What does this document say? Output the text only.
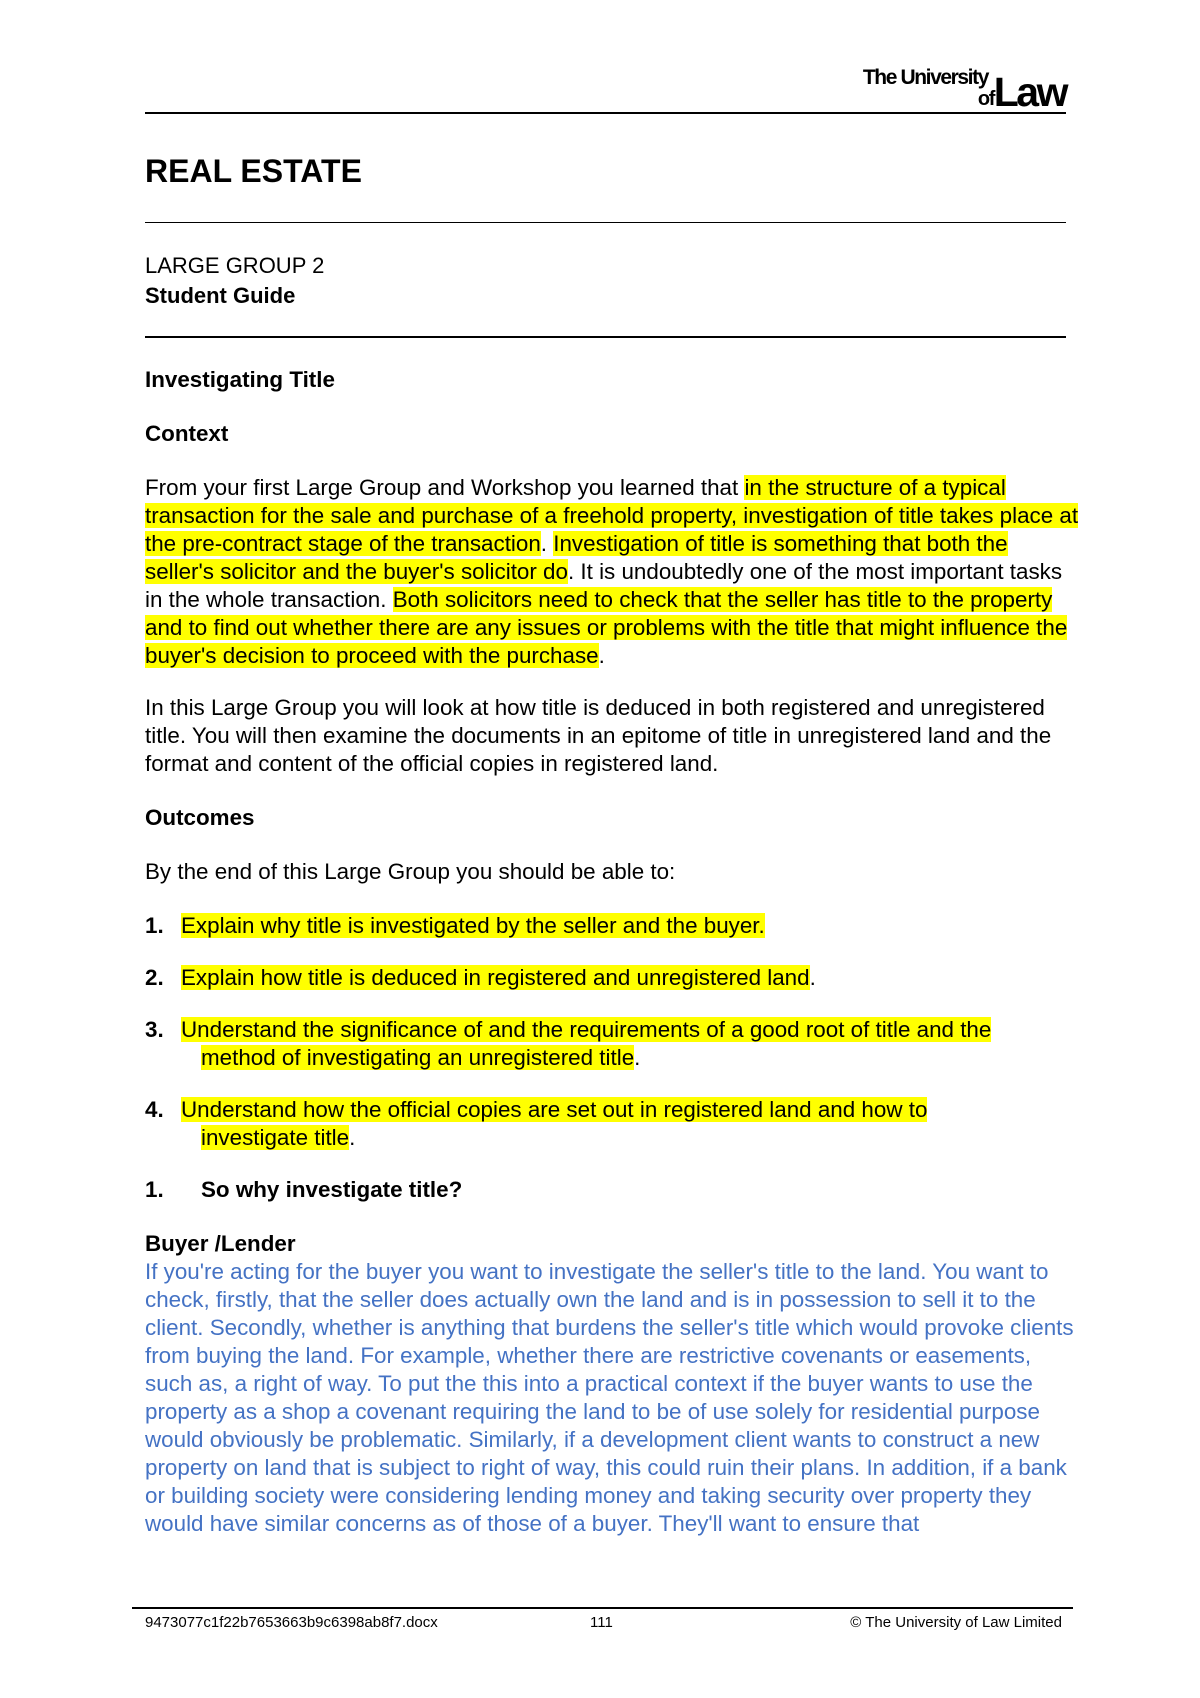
The University
of Law
REAL ESTATE
LARGE GROUP 2
Student Guide

Investigating Title

Context

From your first Large Group and Workshop you learned that in the structure of a typical transaction for the sale and purchase of a freehold property, investigation of title takes place at the pre-contract stage of the transaction. Investigation of title is something that both the seller's solicitor and the buyer's solicitor do. It is undoubtedly one of the most important tasks in the whole transaction. Both solicitors need to check that the seller has title to the property and to find out whether there are any issues or problems with the title that might influence the buyer's decision to proceed with the purchase.

In this Large Group you will look at how title is deduced in both registered and unregistered title. You will then examine the documents in an epitome of title in unregistered land and the format and content of the official copies in registered land.

Outcomes

By the end of this Large Group you should be able to:

1. Explain why title is investigated by the seller and the buyer.
2. Explain how title is deduced in registered and unregistered land.
3. Understand the significance of and the requirements of a good root of title and the
method of investigating an unregistered title.
4. Understand how the official copies are set out in registered land and how to
investigate title.
1. So why investigate title?

Buyer /Lender

If you're acting for the buyer you want to investigate the seller's title to the land. You want to check, firstly, that the seller does actually own the land and is in possession to sell it to the client. Secondly, whether is anything that burdens the seller's title which would provoke clients from buying the land. For example, whether there are restrictive covenants or easements, such as, a right of way. To put the this into a practical context if the buyer wants to use the property as a shop a covenant requiring the land to be of use solely for residential purpose would obviously be problematic. Similarly, if a development client wants to construct a new property on land that is subject to right of way, this could ruin their plans. In addition, if a bank or building society were considering lending money and taking security over property they would have similar concerns as of those of a buyer. They'll want to ensure that

9473077c1f22b7653663b9c6398ab8f7.docx	111	© The University of Law Limited
